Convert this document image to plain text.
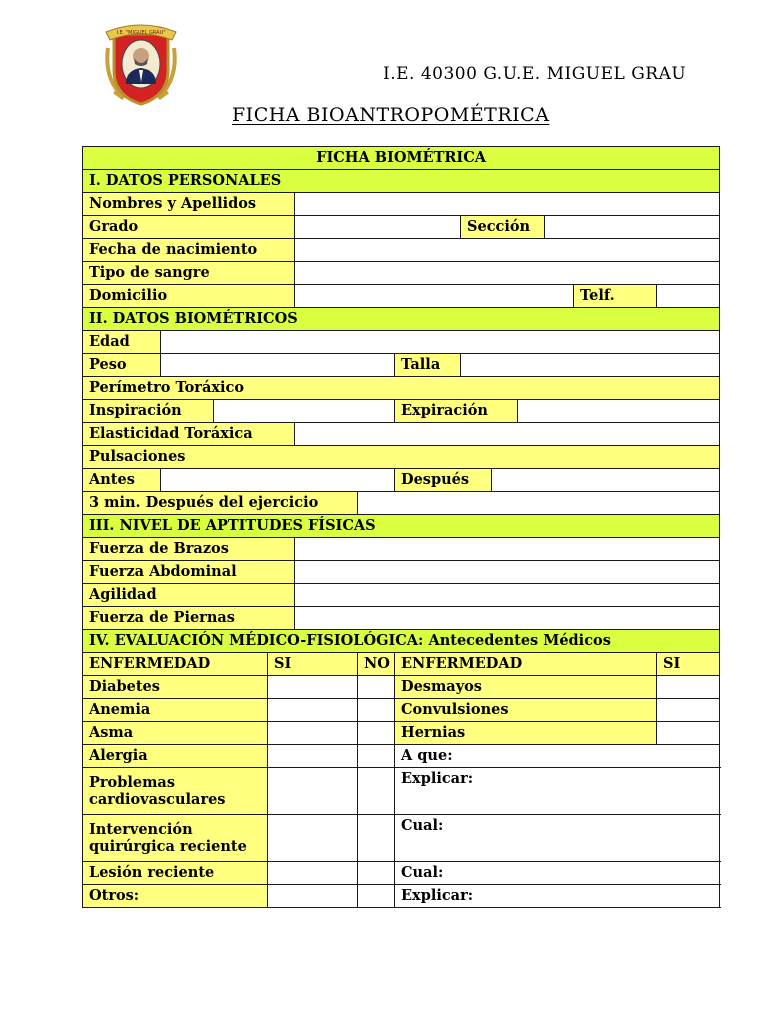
I.E. "MIGUEL GRAU"
I.E. 40300 G.U.E. MIGUEL GRAU
FICHA BIOANTROPOMÉTRICA
FICHA BIOMÉTRICA													
I. DATOS PERSONALES													
Nombres y Apellidos													
Grado							Sección						
Fecha de nacimiento													
Tipo de sangre													
Domicilio											Telf.		
II. DATOS BIOMÉTRICOS													
Edad													
Peso						Talla							
Perímetro Toráxico													
Inspiración						Expiración							
Elasticidad Toráxica													
Pulsaciones													
Antes						Después							
3 min. Después del ejercicio													
III. NIVEL DE APTITUDES FÍSICAS													
Fuerza de Brazos													
Fuerza Abdominal													
Agilidad													
Fuerza de Piernas													
IV. EVALUACIÓN MÉDICO-FISIOLÓGICA: Antecedentes Médicos													
ENFERMEDAD			SI		NO	ENFERMEDAD						SI	
Diabetes						Desmayos							
Anemia						Convulsiones							
Asma						Hernias							
Alergia						A que:							
Problemas cardiovasculares						Explicar:							
Intervención quirúrgica reciente						Cual:							
Lesión reciente						Cual:							
Otros:						Explicar:							
